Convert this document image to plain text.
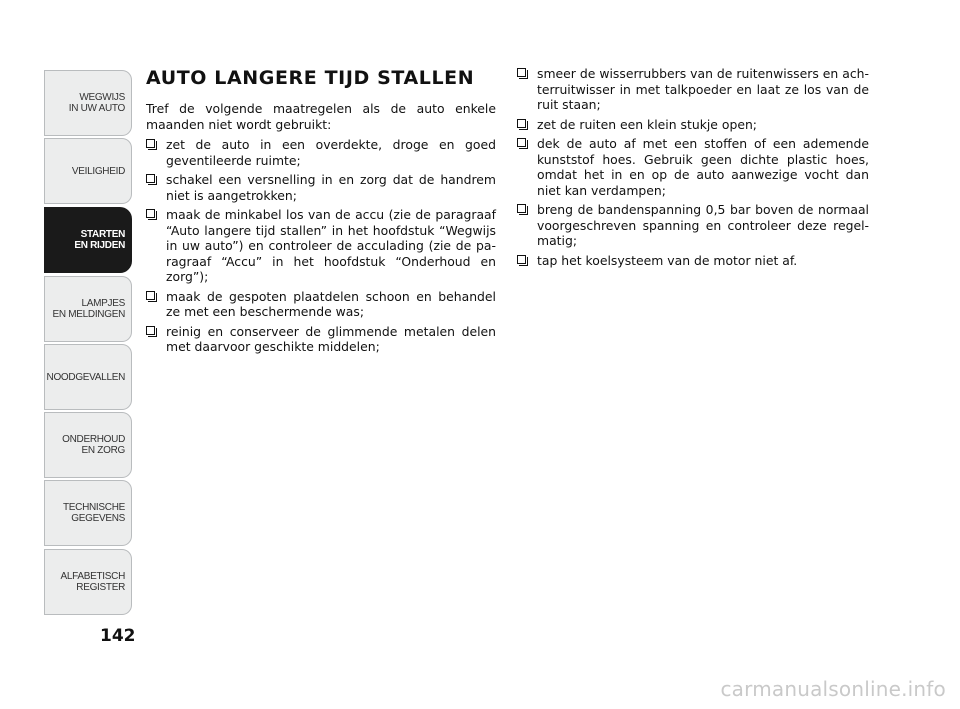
WEGWIJS
IN UW AUTO
VEILIGHEID
STARTEN
EN RIJDEN
LAMPJES
EN MELDINGEN
NOODGEVALLEN
ONDERHOUD
EN ZORG
TECHNISCHE
GEGEVENS
ALFABETISCH
REGISTER
142
AUTO LANGERE TIJD STALLEN

Tref de volgende maatregelen als de auto enkele maanden niet wordt gebruikt:

zet de auto in een overdekte, droge en goed geventileerde ruimte;
schakel een versnelling in en zorg dat de handrem niet is aangetrokken;
maak de minkabel los van de accu (zie de paragraaf “Auto langere tijd stallen” in het hoofdstuk “Wegwijs in uw auto”) en controleer de acculading (zie de paragraaf “Accu” in het hoofdstuk “Onderhoud en zorg”);
maak de gespoten plaatdelen schoon en behandel ze met een beschermende was;
reinig en conserveer de glimmende metalen delen met daarvoor geschikte middelen;
smeer de wisserrubbers van de ruitenwissers en achterruitwisser in met talkpoeder en laat ze los van de ruit staan;
zet de ruiten een klein stukje open;
dek de auto af met een stoffen of een ademende kunststof hoes. Gebruik geen dichte plastic hoes, omdat het in en op de auto aanwezige vocht dan niet kan verdampen;
breng de bandenspanning 0,5 bar boven de normaal voorgeschreven spanning en controleer deze regelmatig;
tap het koelsysteem van de motor niet af.
carmanualsonline.info
